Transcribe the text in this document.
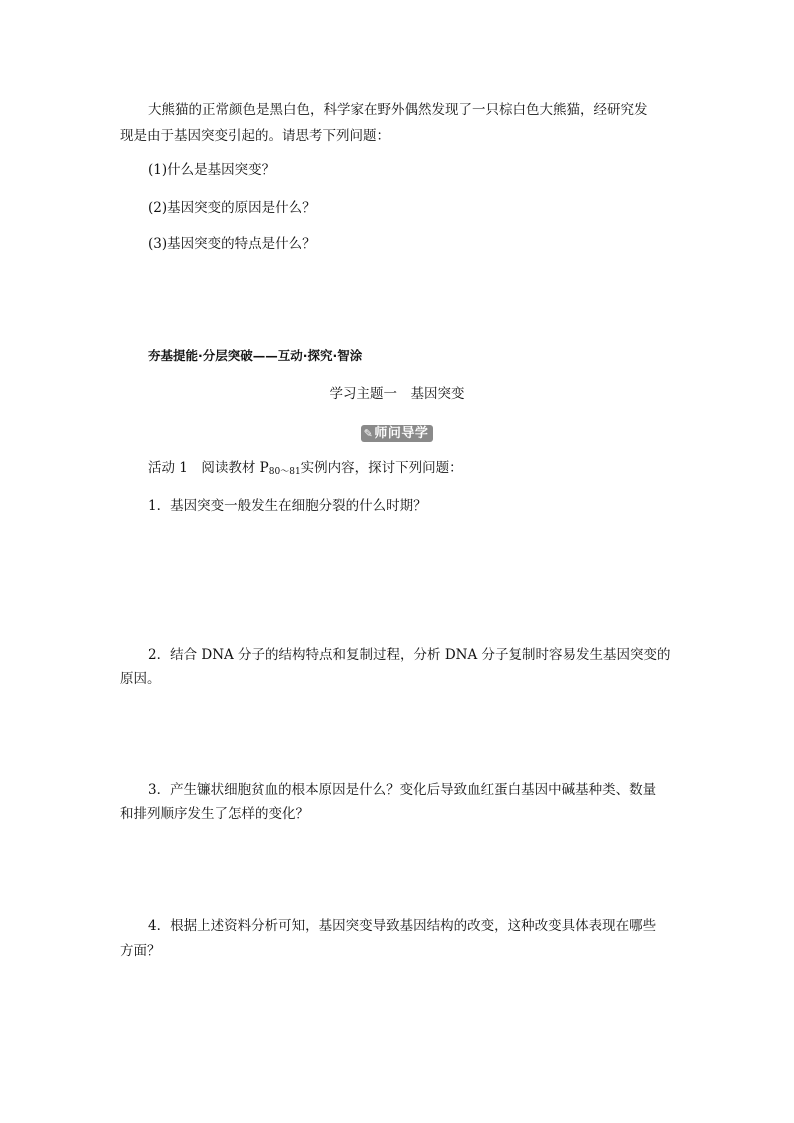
大熊猫的正常颜色是黑白色，科学家在野外偶然发现了一只棕白色大熊猫，经研究发

现是由于基因突变引起的。请思考下列问题：

(1)什么是基因突变？

(2)基因突变的原因是什么？

(3)基因突变的特点是什么？

夯基提能·分层突破——互动·探究·智涂

学习主题一　基因突变
✎师问导学

活动 1　阅读教材 $P_{80\sim 81}$实例内容，探讨下列问题：

1．基因突变一般发生在细胞分裂的什么时期？

2．结合 DNA 分子的结构特点和复制过程，分析 DNA 分子复制时容易发生基因突变的

原因。

3．产生镰状细胞贫血的根本原因是什么？变化后导致血红蛋白基因中碱基种类、数量

和排列顺序发生了怎样的变化？

4．根据上述资料分析可知，基因突变导致基因结构的改变，这种改变具体表现在哪些

方面？
